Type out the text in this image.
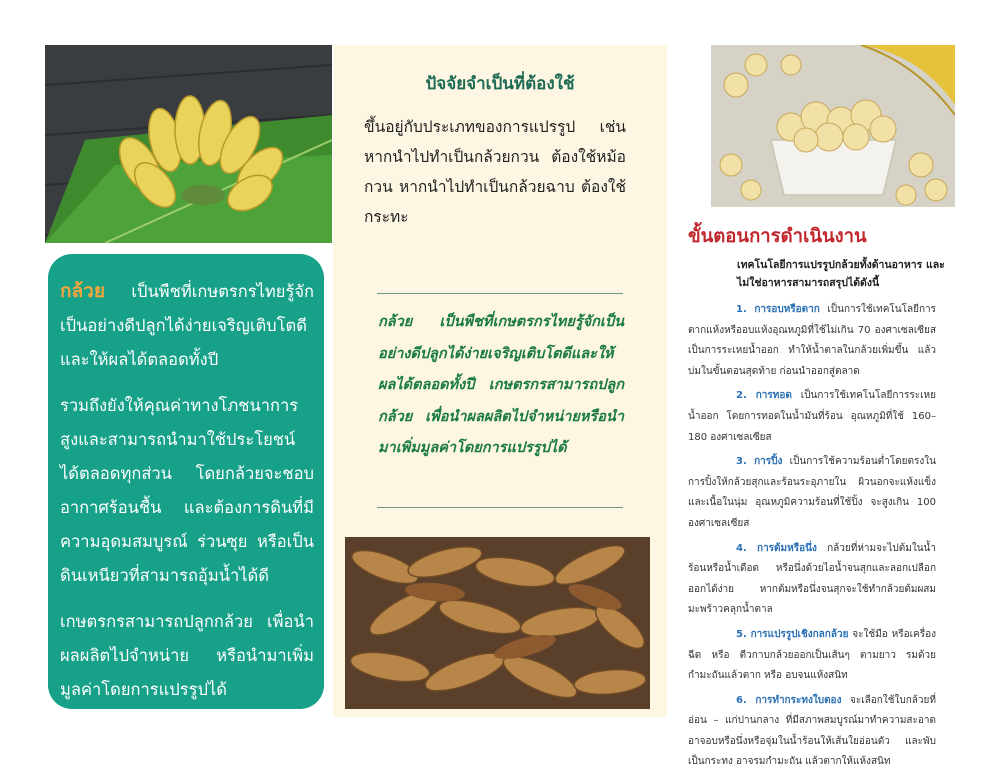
กล้วย เป็นพืชที่เกษตรกรไทยรู้จักเป็นอย่างดีปลูกได้ง่ายเจริญเติบโตดีและให้ผลได้ตลอดทั้งปี

รวมถึงยังให้คุณค่าทางโภชนาการสูงและสามารถนำมาใช้ประโยชน์ได้ตลอดทุกส่วน โดยกล้วยจะชอบอากาศร้อนชื้น และต้องการดินที่มีความอุดมสมบูรณ์ ร่วนซุย หรือเป็นดินเหนียวที่สามารถอุ้มน้ำได้ดี

เกษตรกรสามารถปลูกกล้วย เพื่อนำผลผลิตไปจำหน่าย หรือนำมาเพิ่มมูลค่าโดยการแปรรูปได้

ปัจจัยจำเป็นที่ต้องใช้
ขึ้นอยู่กับประเภทของการแปรรูป เช่น หากนำไปทำเป็นกล้วยกวน ต้องใช้หม้อกวน หากนำไปทำเป็นกล้วยฉาบ ต้องใช้กระทะ
กล้วย เป็นพืชที่เกษตรกรไทยรู้จักเป็นอย่างดีปลูกได้ง่ายเจริญเติบโตดีและให้ผลได้ตลอดทั้งปี เกษตรกรสามารถปลูกกล้วย เพื่อนำผลผลิตไปจำหน่ายหรือนำมาเพิ่มมูลค่าโดยการแปรรูปได้
ขั้นตอนการดำเนินงาน
เทคโนโลยีการแปรรูปกล้วยทั้งด้านอาหาร และไม่ใช่อาหารสามารถสรุปได้ดังนี้

1. การอบหรือตาก เป็นการใช้เทคโนโลยีการตากแห้งหรืออบแห้งอุณหภูมิที่ใช้ไม่เกิน 70 องศาเซลเซียส เป็นการระเหยน้ำออก ทำให้น้ำตาลในกล้วยเพิ่มขึ้น แล้วบ่มในขั้นตอนสุดท้าย ก่อนนำออกสู่ตลาด

2. การทอด เป็นการใช้เทคโนโลยีการระเหยน้ำออก โดยการทอดในน้ำมันที่ร้อน อุณหภูมิที่ใช้ 160–180 องศาเซลเซียส

3. การปิ้ง เป็นการใช้ความร้อนต่ำโดยตรงในการปิ้งให้กล้วยสุกและร้อนระอุภายใน ผิวนอกจะแห้งแข็ง และเนื้อในนุ่ม อุณหภูมิความร้อนที่ใช้ปิ้ง จะสูงเกิน 100 องศาเซลเซียส

4. การต้มหรือนึ่ง กล้วยที่ห่ามจะไปต้มในน้ำร้อนหรือน้ำเดือด หรือนึ่งด้วยไอน้ำจนสุกและลอกเปลือกออกได้ง่าย หากต้มหรือนึ่งจนสุกจะใช้ทำกล้วยต้มผสมมะพร้าวคลุกน้ำตาล

5. การแปรรูปเชิงกลกล้วย จะใช้มือ หรือเครื่องฉีด หรือ ตีวกาบกล้วยออกเป็นเส้นๆ ตามยาว รมด้วยกำมะถันแล้วตาก หรือ อบจนแห้งสนิท

6. การทำกระทงใบตอง จะเลือกใช้ใบกล้วยที่ อ่อน – แก่ปานกลาง ที่มีสภาพสมบูรณ์มาทำความสะอาด อาจอบหรือนึ่งหรือจุ่มในน้ำร้อนให้เส้นใยอ่อนตัว และพับเป็นกระทง อาจรมกำมะถัน แล้วตากให้แห้งสนิท
